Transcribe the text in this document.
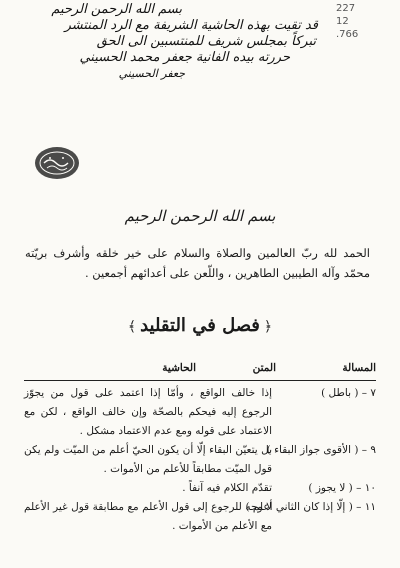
227
12
.766
بسم الله الرحمن الرحيم
قد تقيت بهذه الحاشية الشريفة مع الرد المنتشر
تبركاً بمجلس شريف للمنتسبين الى الحق
حررته بيده الفانية جعفر محمد الحسيني
جعفر الحسيني
بسم الله الرحمن الرحيم
الحمد لله ربّ العالمين والصلاة والسلام على خير خلقه وأشرف بريّته محمّد وآله الطيبين الطاهرين ، واللّعن على أعدائهم أجمعين .
﴿فصل في التقليد﴾
المسالة
المتن
الحاشية
٧ – ( باطل )
إذا خالف الواقع ، وأمّا إذا اعتمد على قول من يجوّز الرجوع إليه فيحكم بالصحّة وإن خالف الواقع ، لكن مع الاعتماد على قوله ومع عدم الاعتماد مشكل .
٩ – ( الأقوى جواز البقاء )
بل يتعيّن البقاء إلّا أن يكون الحيّ أعلم من الميّت ولم يكن قول الميّت مطابقاً للأعلم من الأموات .
١٠ – ( لا يجوز )
تقدّم الكلام فيه آنفاً .
١١ – ( إلّا إذا كان الثاني أعلم )
لا وجه للرجوع إلى قول الأعلم مع مطابقة قول غير الأعلم مع الأعلم من الأموات .
